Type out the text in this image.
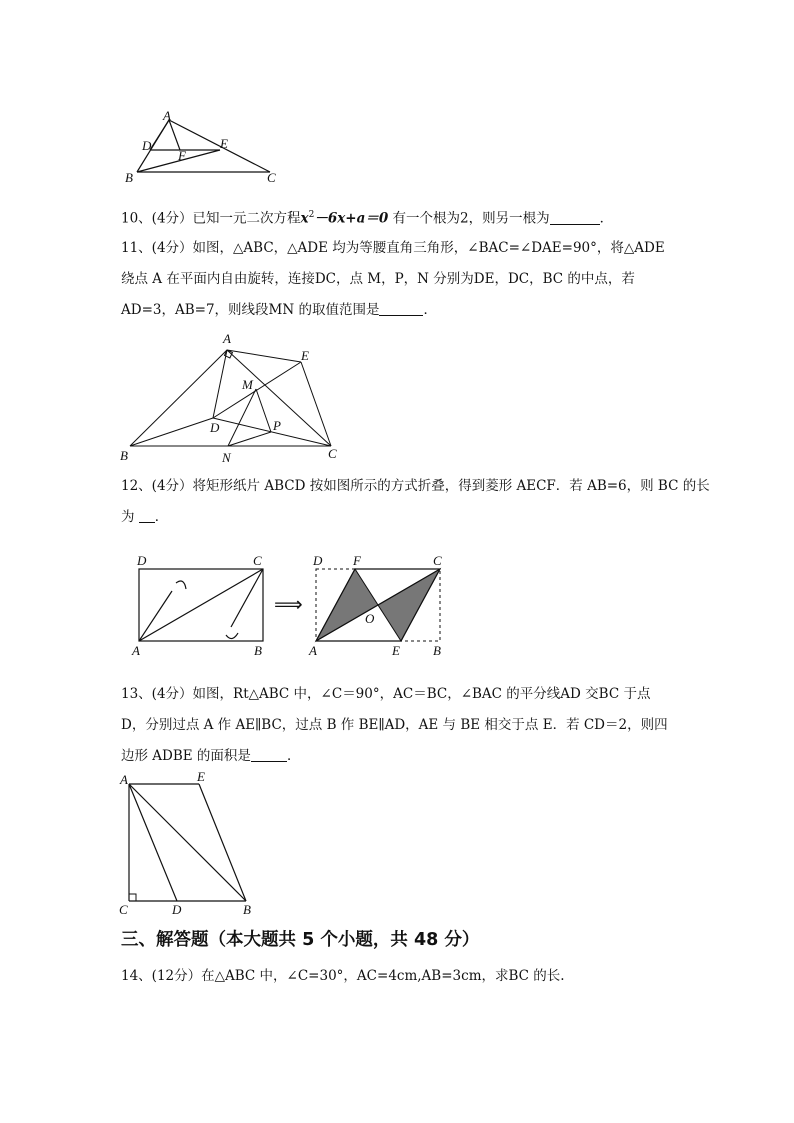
A
D
F
E
B	C
10、(4分）已知一元二次方程$x^2-6x+a=0$ 有一个根为2，则另一根为	．
11、(4分）如图，△ABC，△ADE 均为等腰直角三角形，∠BAC=∠DAE=90°，将△ADE
绕点 A 在平面内自由旋转，连接DC，点 M，P，N 分别为DE，DC，BC 的中点，若
AD=3，AB=7，则线段MN 的取值范围是	．
A
E
M
D	P
B	N	C
12、(4分）将矩形纸片 ABCD 按如图所示的方式折叠，得到菱形 AECF．若 AB=6，则 BC 的长
为 ．
D	C
A	B
⟹
D F	C
O
A	E	B
13、(4分）如图，Rt△ABC 中，∠C＝90°，AC＝BC，∠BAC 的平分线AD 交BC 于点
D，分别过点 A 作 AE∥BC，过点 B 作 BE∥AD，AE 与 BE 相交于点 E．若 CD＝2，则四
边形 ADBE 的面积是	．
A	E
C	D	B
三、解答题（本大题共 5 个小题，共 48 分）
14、(12分）在△ABC 中，∠C=30°，AC=4cm,AB=3cm，求BC 的长.
